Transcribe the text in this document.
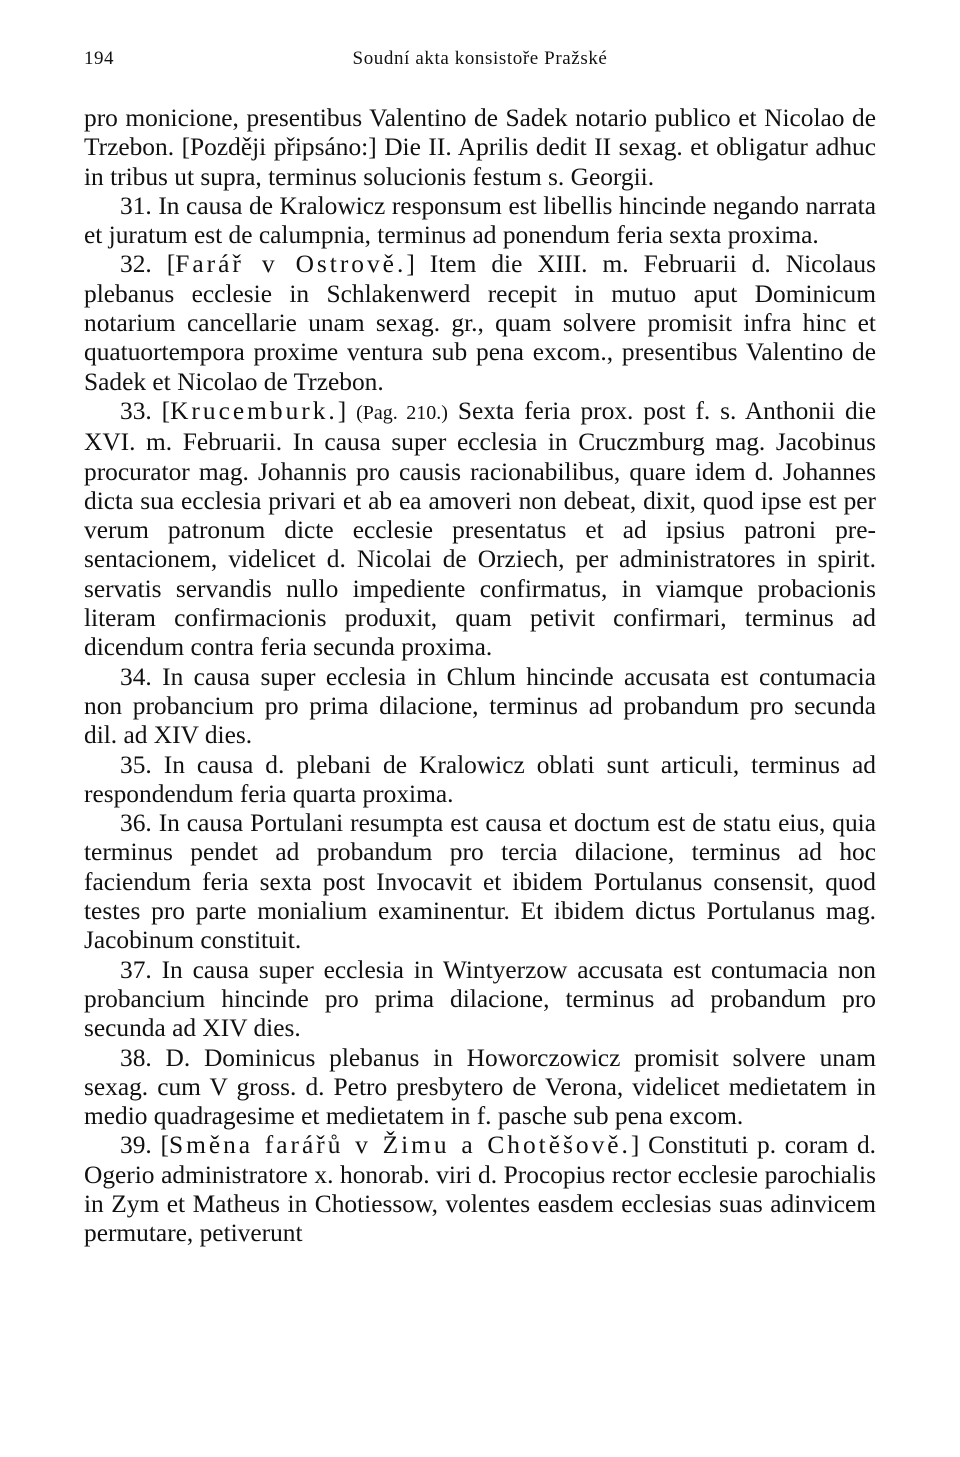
194	Soudní akta konsistoře Pražské

pro monicione, presentibus Valentino de Sadek notario publico et Nicolao de Trzebon. [Později připsáno:] Die II. Aprilis dedit II sexag. et obligatur adhuc in tribus ut supra, terminus solucionis festum s. Georgii.

31. In causa de Kralowicz responsum est libellis hincinde negando narrata et juratum est de calumpnia, terminus ad ponendum feria sexta proxima.

32. [Farář v Ostrově.] Item die XIII. m. Februarii d. Nicolaus plebanus ecclesie in Schlakenwerd recepit in mutuo aput Dominicum notarium cancellarie unam sexag. gr., quam solvere promisit infra hinc et quatuortempora proxime ventura sub pena excom., presentibus Valentino de Sadek et Nicolao de Trzebon.

33. [Krucemburk.] (Pag. 210.) Sexta feria prox. post f. s. Anthonii die XVI. m. Februarii. In causa super ecclesia in Cruczmburg mag. Jacobinus procurator mag. Johannis pro causis racionabilibus, quare idem d. Johannes dicta sua ecclesia privari et ab ea amoveri non debeat, dixit, quod ipse est per verum patronum dicte ecclesie presentatus et ad ipsius patroni presentacionem, videlicet d. Nicolai de Orziech, per administratores in spirit. servatis servandis nullo impediente confirmatus, in viamque probacionis literam confirmacionis produxit, quam petivit confirmari, terminus ad dicendum contra feria secunda proxima.

34. In causa super ecclesia in Chlum hincinde accusata est contumacia non probancium pro prima dilacione, terminus ad probandum pro secunda dil. ad XIV dies.

35. In causa d. plebani de Kralowicz oblati sunt articuli, terminus ad respondendum feria quarta proxima.

36. In causa Portulani resumpta est causa et doctum est de statu eius, quia terminus pendet ad probandum pro tercia dilacione, terminus ad hoc faciendum feria sexta post Invocavit et ibidem Portulanus consensit, quod testes pro parte monialium examinentur. Et ibidem dictus Portulanus mag. Jacobinum constituit.

37. In causa super ecclesia in Wintyerzow accusata est contumacia non probancium hincinde pro prima dilacione, terminus ad probandum pro secunda ad XIV dies.

38. D. Dominicus plebanus in Howorczowicz promisit solvere unam sexag. cum V gross. d. Petro presbytero de Verona, videlicet medietatem in medio quadragesime et medietatem in f. pasche sub pena excom.

39. [Směna farářů v Žimu a Chotěšově.] Constituti p. coram d. Ogerio administratore x. honorab. viri d. Procopius rector ecclesie parochialis in Zym et Matheus in Chotiessow, volentes easdem ecclesias suas adinvicem permutare, petiverunt
